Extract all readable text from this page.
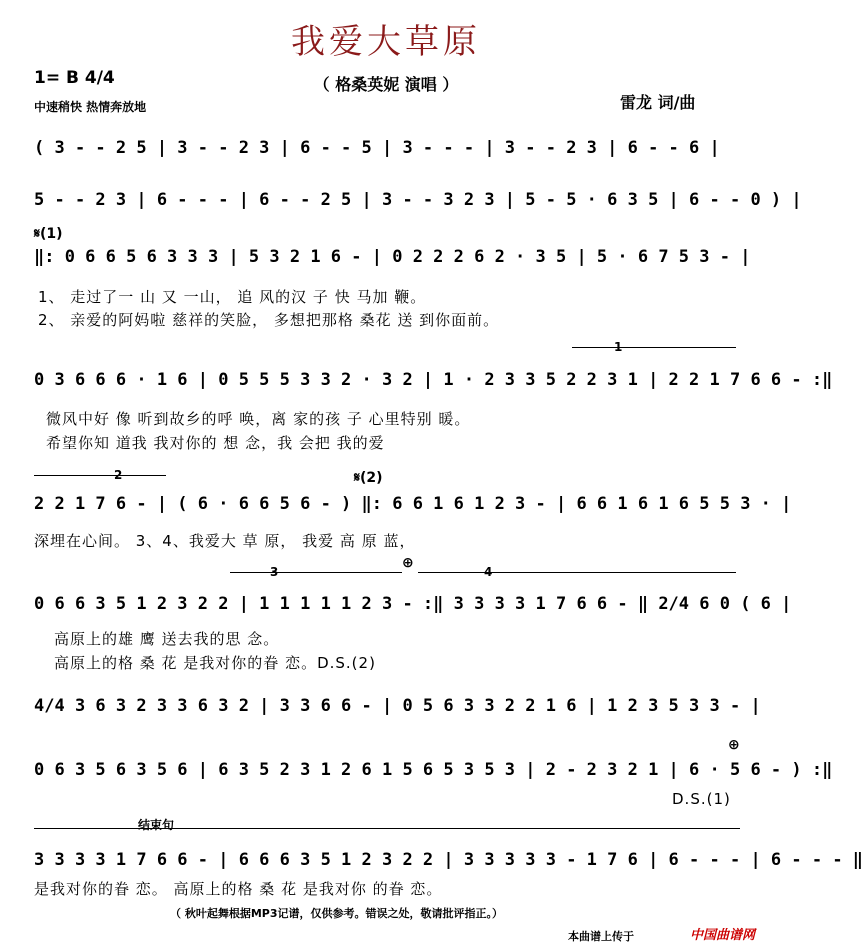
我爱大草原
（ 格桑英妮 演唱 ）
1= B 4/4
中速稍快 热情奔放地	雷龙 词/曲
( 3 - - 2 5 | 3 - - 2 3 | 6 - - 5 | 3 - - - | 3 - - 2 3 | 6 - - 6 |
5 - - 2 3 | 6 - - - | 6 - - 2 5 | 3 - - 3 2 3 | 5 - 5 · 6 3 5 | 6 - - 0 ) |
𝄋(1)
‖: 0 6 6 5 6 3 3 3 | 5 3 2 1 6 - | 0 2 2 2 6 2 · 3 5 | 5 · 6 7 5 3 - |
1、 走过了一 山 又 一山， 追 风的汉 子 快 马加 鞭。
2、 亲爱的阿妈啦 慈祥的笑脸， 多想把那格 桑花 送 到你面前。
1
0 3 6 6 6 · 1 6 | 0 5 5 5 3 3 2 · 3 2 | 1 · 2 3 3 5 2 2 3 1 | 2 2 1 7 6 6 - :‖
微风中好 像 听到故乡的呼 唤，离 家的孩 子 心里特别 暖。
希望你知 道我 我对你的 想 念，我 会把 我的爱
2	𝄋(2)
2 2 1 7 6 - | ( 6 · 6 6 5 6 - ) ‖: 6 6 1 6 1 2 3 - | 6 6 1 6 1 6 5 5 3 · |
深埋在心间。 3、4、我爱大 草 原， 我爱 高 原 蓝，
3	4
⊕
0 6 6 3 5 1 2 3 2 2 | 1 1 1 1 1 2 3 - :‖ 3 3 3 3 1 7 6 6 - ‖ 2/4 6 0 ( 6 |
高原上的雄 鹰 送去我的思 念。
高原上的格 桑 花 是我对你的眷 恋。D.S.(2)
4/4 3 6 3 2 3 3 6 3 2 | 3 3 6 6 - | 0 5 6 3 3 2 2 1 6 | 1 2 3 5 3 3 - |
⊕
0 6 3 5 6 3 5 6 | 6 3 5 2 3 1 2 6 1 5 6 5 3 5 3 | 2 - 2 3 2 1 | 6 · 5 6 - ) :‖
D.S.(1)
结束句
3 3 3 3 1 7 6 6 - | 6 6 6 3 5 1 2 3 2 2 | 3 3 3 3 3 - 1 7 6 | 6 - - - | 6 - - - ‖
是我对你的眷 恋。 高原上的格 桑 花 是我对你 的眷 恋。
（ 秋叶起舞根据MP3记谱，仅供参考。错误之处，敬请批评指正。）
本曲谱上传于	中国曲谱网
